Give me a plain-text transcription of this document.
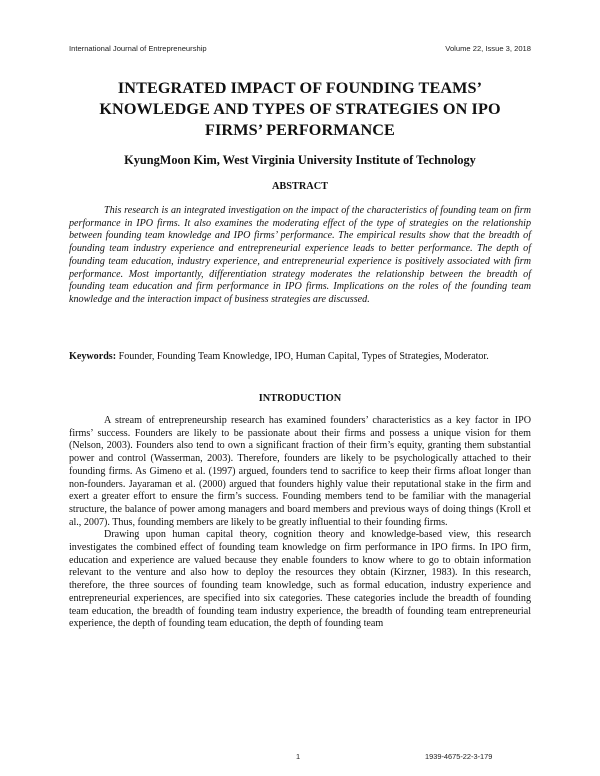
International Journal of Entrepreneurship	Volume 22, Issue 3, 2018
INTEGRATED IMPACT OF FOUNDING TEAMS’
KNOWLEDGE AND TYPES OF STRATEGIES ON IPO
FIRMS’ PERFORMANCE
KyungMoon Kim, West Virginia University Institute of Technology
ABSTRACT

This research is an integrated investigation on the impact of the characteristics of founding team on firm performance in IPO firms. It also examines the moderating effect of the type of strategies on the relationship between founding team knowledge and IPO firms’ performance. The empirical results show that the breadth of founding team industry experience and entrepreneurial experience leads to better performance. The depth of founding team education, industry experience, and entrepreneurial experience is positively associated with firm performance. Most importantly, differentiation strategy moderates the relationship between the breadth of founding team education and firm performance in IPO firms. Implications on the roles of the founding team knowledge and the interaction impact of business strategies are discussed.

Keywords: Founder, Founding Team Knowledge, IPO, Human Capital, Types of Strategies, Moderator.

INTRODUCTION

A stream of entrepreneurship research has examined founders’ characteristics as a key factor in IPO firms’ success. Founders are likely to be passionate about their firms and possess a unique vision for them (Nelson, 2003). Founders also tend to own a significant fraction of their firm’s equity, granting them substantial power and control (Wasserman, 2003). Therefore, founders are likely to be psychologically attached to their founding firms. As Gimeno et al. (1997) argued, founders tend to sacrifice to keep their firms afloat longer than non-founders. Jayaraman et al. (2000) argued that founders highly value their reputational stake in the firm and exert a greater effort to ensure the firm’s success. Founding members tend to be familiar with the managerial structure, the balance of power among managers and board members and previous ways of doing things (Kroll et al., 2007). Thus, founding members are likely to be greatly influential to their founding firms.

Drawing upon human capital theory, cognition theory and knowledge-based view, this research investigates the combined effect of founding team knowledge on firm performance in IPO firms. In IPO firm, education and experience are valued because they enable founders to know where to go to obtain information relevant to the venture and also how to deploy the resources they obtain (Kirzner, 1983). In this research, therefore, the three sources of founding team knowledge, such as formal education, industry experience and entrepreneurial experiences, are specified into six categories. These categories include the breadth of founding team education, the breadth of founding team industry experience, the breadth of founding team entrepreneurial experience, the depth of founding team education, the depth of founding team

1	1939-4675-22-3-179
